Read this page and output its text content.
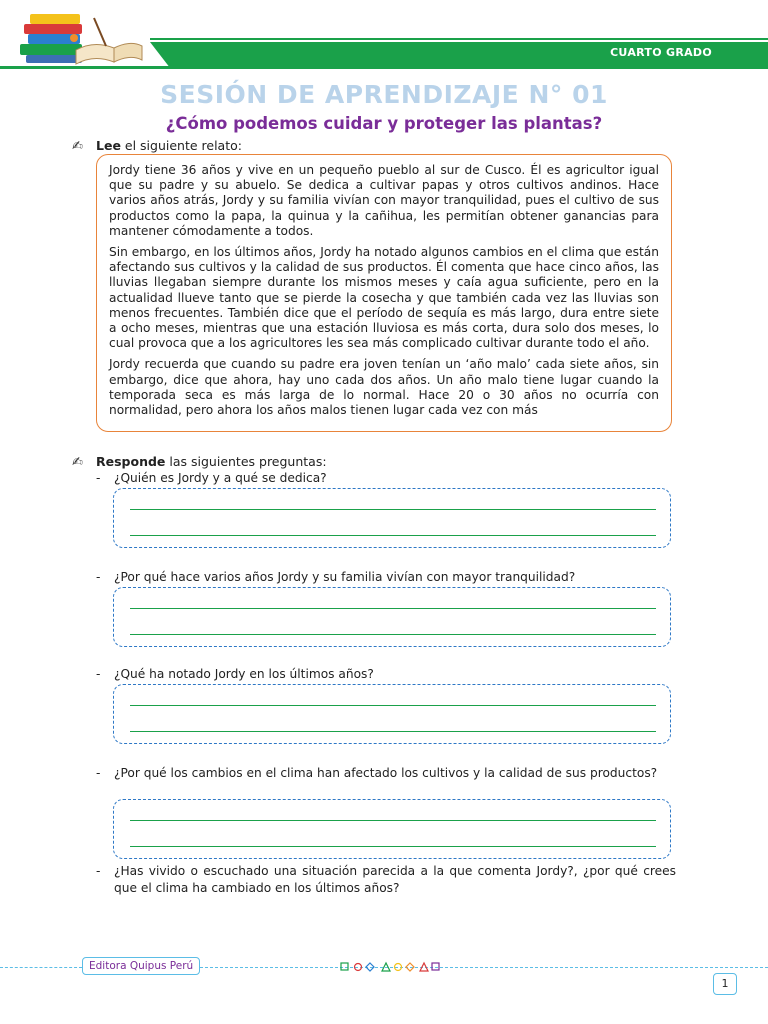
CUARTO GRADO
SESIÓN DE APRENDIZAJE N° 01
¿Cómo podemos cuidar y proteger las plantas?
✍ Lee el siguiente relato:

Jordy tiene 36 años y vive en un pequeño pueblo al sur de Cusco. Él es agricultor igual que su padre y su abuelo. Se dedica a cultivar papas y otros cultivos andinos. Hace varios años atrás, Jordy y su familia vivían con mayor tranquilidad, pues el cultivo de sus productos como la papa, la quinua y la cañihua, les permitían obtener ganancias para mantener cómodamente a todos.

Sin embargo, en los últimos años, Jordy ha notado algunos cambios en el clima que están afectando sus cultivos y la calidad de sus productos. Él comenta que hace cinco años, las lluvias llegaban siempre durante los mismos meses y caía agua suficiente, pero en la actualidad llueve tanto que se pierde la cosecha y que también cada vez las lluvias son menos frecuentes. También dice que el período de sequía es más largo, dura entre siete a ocho meses, mientras que una estación lluviosa es más corta, dura solo dos meses, lo cual provoca que a los agricultores les sea más complicado cultivar durante todo el año.

Jordy recuerda que cuando su padre era joven tenían un ‘año malo’ cada siete años, sin embargo, dice que ahora, hay uno cada dos años. Un año malo tiene lugar cuando la temporada seca es más larga de lo normal. Hace 20 o 30 años no ocurría con normalidad, pero ahora los años malos tienen lugar cada vez con más

✍ Responde las siguientes preguntas:
- ¿Quién es Jordy y a qué se dedica?
- ¿Por qué hace varios años Jordy y su familia vivían con mayor tranquilidad?
- ¿Qué ha notado Jordy en los últimos años?
- ¿Por qué los cambios en el clima han afectado los cultivos y la calidad de sus productos?
- ¿Has vivido o escuchado una situación parecida a la que comenta Jordy?, ¿por qué crees que el clima ha cambiado en los últimos años?
Editora Quipus Perú
1
